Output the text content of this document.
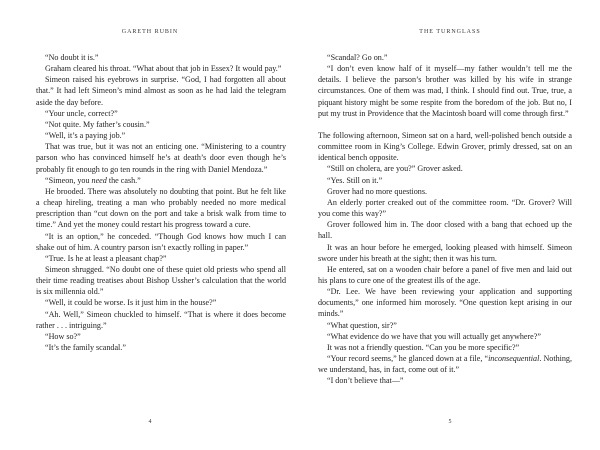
GARETH RUBIN

“No doubt it is.”

Graham cleared his throat. “What about that job in Essex? It would pay.”

Simeon raised his eyebrows in surprise. “God, I had forgotten all about that.” It had left Simeon’s mind almost as soon as he had laid the telegram aside the day before.

“Your uncle, correct?”

“Not quite. My father’s cousin.”

“Well, it’s a paying job.”

That was true, but it was not an enticing one. “Ministering to a country parson who has convinced himself he’s at death’s door even though he’s probably fit enough to go ten rounds in the ring with Daniel Mendoza.”

“Simeon, you need the cash.”

He brooded. There was absolutely no doubting that point. But he felt like a cheap hireling, treating a man who probably needed no more medical prescription than “cut down on the port and take a brisk walk from time to time.” And yet the money could restart his progress toward a cure.

“It is an option,” he conceded. “Though God knows how much I can shake out of him. A country parson isn’t exactly rolling in paper.”

“True. Is he at least a pleasant chap?”

Simeon shrugged. “No doubt one of these quiet old priests who spend all their time reading treatises about Bishop Ussher’s calculation that the world is six millennia old.”

“Well, it could be worse. Is it just him in the house?”

“Ah. Well,” Simeon chuckled to himself. “That is where it does become rather . . . intriguing.”

“How so?”

“It’s the family scandal.”

4
THE TURNGLASS

“Scandal? Go on.”

“I don’t even know half of it myself—my father wouldn’t tell me the details. I believe the parson’s brother was killed by his wife in strange circumstances. One of them was mad, I think. I should find out. True, true, a piquant history might be some respite from the boredom of the job. But no, I put my trust in Providence that the Macintosh board will come through first.”

The following afternoon, Simeon sat on a hard, well-polished bench outside a committee room in King’s College. Edwin Grover, primly dressed, sat on an identical bench opposite.

“Still on cholera, are you?” Grover asked.

“Yes. Still on it.”

Grover had no more questions.

An elderly porter creaked out of the committee room. “Dr. Grover? Will you come this way?”

Grover followed him in. The door closed with a bang that echoed up the hall.

It was an hour before he emerged, looking pleased with himself. Simeon swore under his breath at the sight; then it was his turn.

He entered, sat on a wooden chair before a panel of five men and laid out his plans to cure one of the greatest ills of the age.

“Dr. Lee. We have been reviewing your application and supporting documents,” one informed him morosely. “One question kept arising in our minds.”

“What question, sir?”

“What evidence do we have that you will actually get anywhere?”

It was not a friendly question. “Can you be more specific?”

“Your record seems,” he glanced down at a file, “inconsequential. Nothing, we understand, has, in fact, come out of it.”

“I don’t believe that—”

5
